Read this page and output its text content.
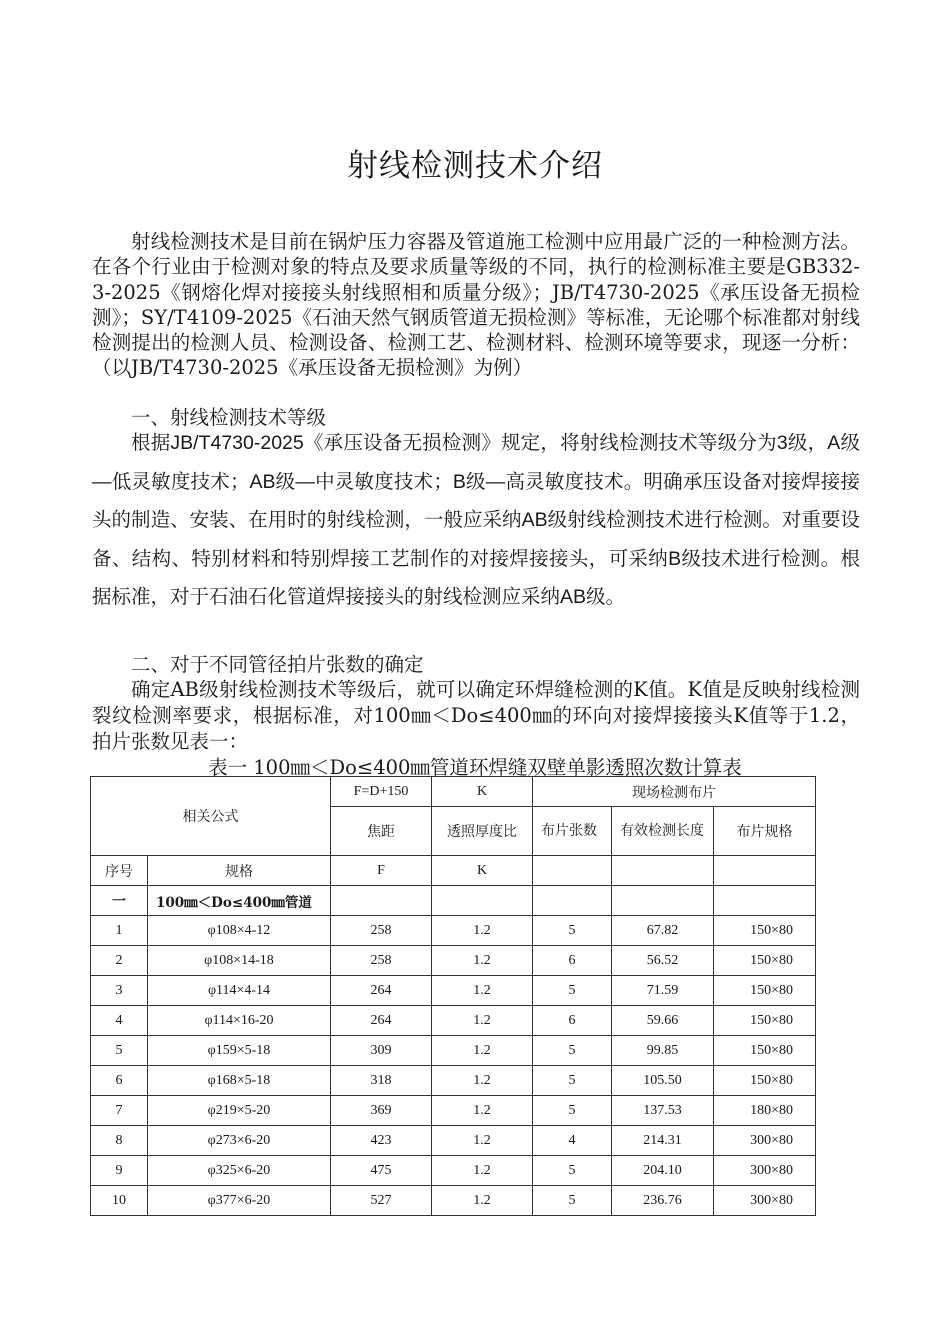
射线检测技术介绍

射线检测技术是目前在锅炉压力容器及管道施工检测中应用最广泛的一种检测方法。在各个行业由于检测对象的特点及要求质量等级的不同，执行的检测标准主要是GB332-3-2025《钢熔化焊对接接头射线照相和质量分级》；JB/T4730-2025《承压设备无损检测》；SY/T4109-2025《石油天然气钢质管道无损检测》等标准，无论哪个标准都对射线检测提出的检测人员、检测设备、检测工艺、检测材料、检测环境等要求，现逐一分析：（以JB/T4730-2025《承压设备无损检测》为例）

一、射线检测技术等级

根据JB/T4730-2025《承压设备无损检测》规定，将射线检测技术等级分为3级，A级—低灵敏度技术；AB级—中灵敏度技术；B级—高灵敏度技术。明确承压设备对接焊接接头的制造、安装、在用时的射线检测，一般应采纳AB级射线检测技术进行检测。对重要设备、结构、特别材料和特别焊接工艺制作的对接焊接接头，可采纳B级技术进行检测。根据标准，对于石油石化管道焊接接头的射线检测应采纳AB级。

二、对于不同管径拍片张数的确定

确定AB级射线检测技术等级后，就可以确定环焊缝检测的K值。K值是反映射线检测裂纹检测率要求，根据标准，对100㎜＜Do≤400㎜的环向对接焊接接头K值等于1.2，拍片张数见表一：

表一 100㎜＜Do≤400㎜管道环焊缝双壁单影透照次数计算表
相关公式		F=D+150	K	现场检测布片		
		焦距	透照厚度比	布片张数	有效检测长度	布片规格
序号	规格	F	K			
一	100㎜＜Do≤400㎜管道					
1	φ108×4-12	258	1.2	5	67.82	150×80
2	φ108×14-18	258	1.2	6	56.52	150×80
3	φ114×4-14	264	1.2	5	71.59	150×80
4	φ114×16-20	264	1.2	6	59.66	150×80
5	φ159×5-18	309	1.2	5	99.85	150×80
6	φ168×5-18	318	1.2	5	105.50	150×80
7	φ219×5-20	369	1.2	5	137.53	180×80
8	φ273×6-20	423	1.2	4	214.31	300×80
9	φ325×6-20	475	1.2	5	204.10	300×80
10	φ377×6-20	527	1.2	5	236.76	300×80
